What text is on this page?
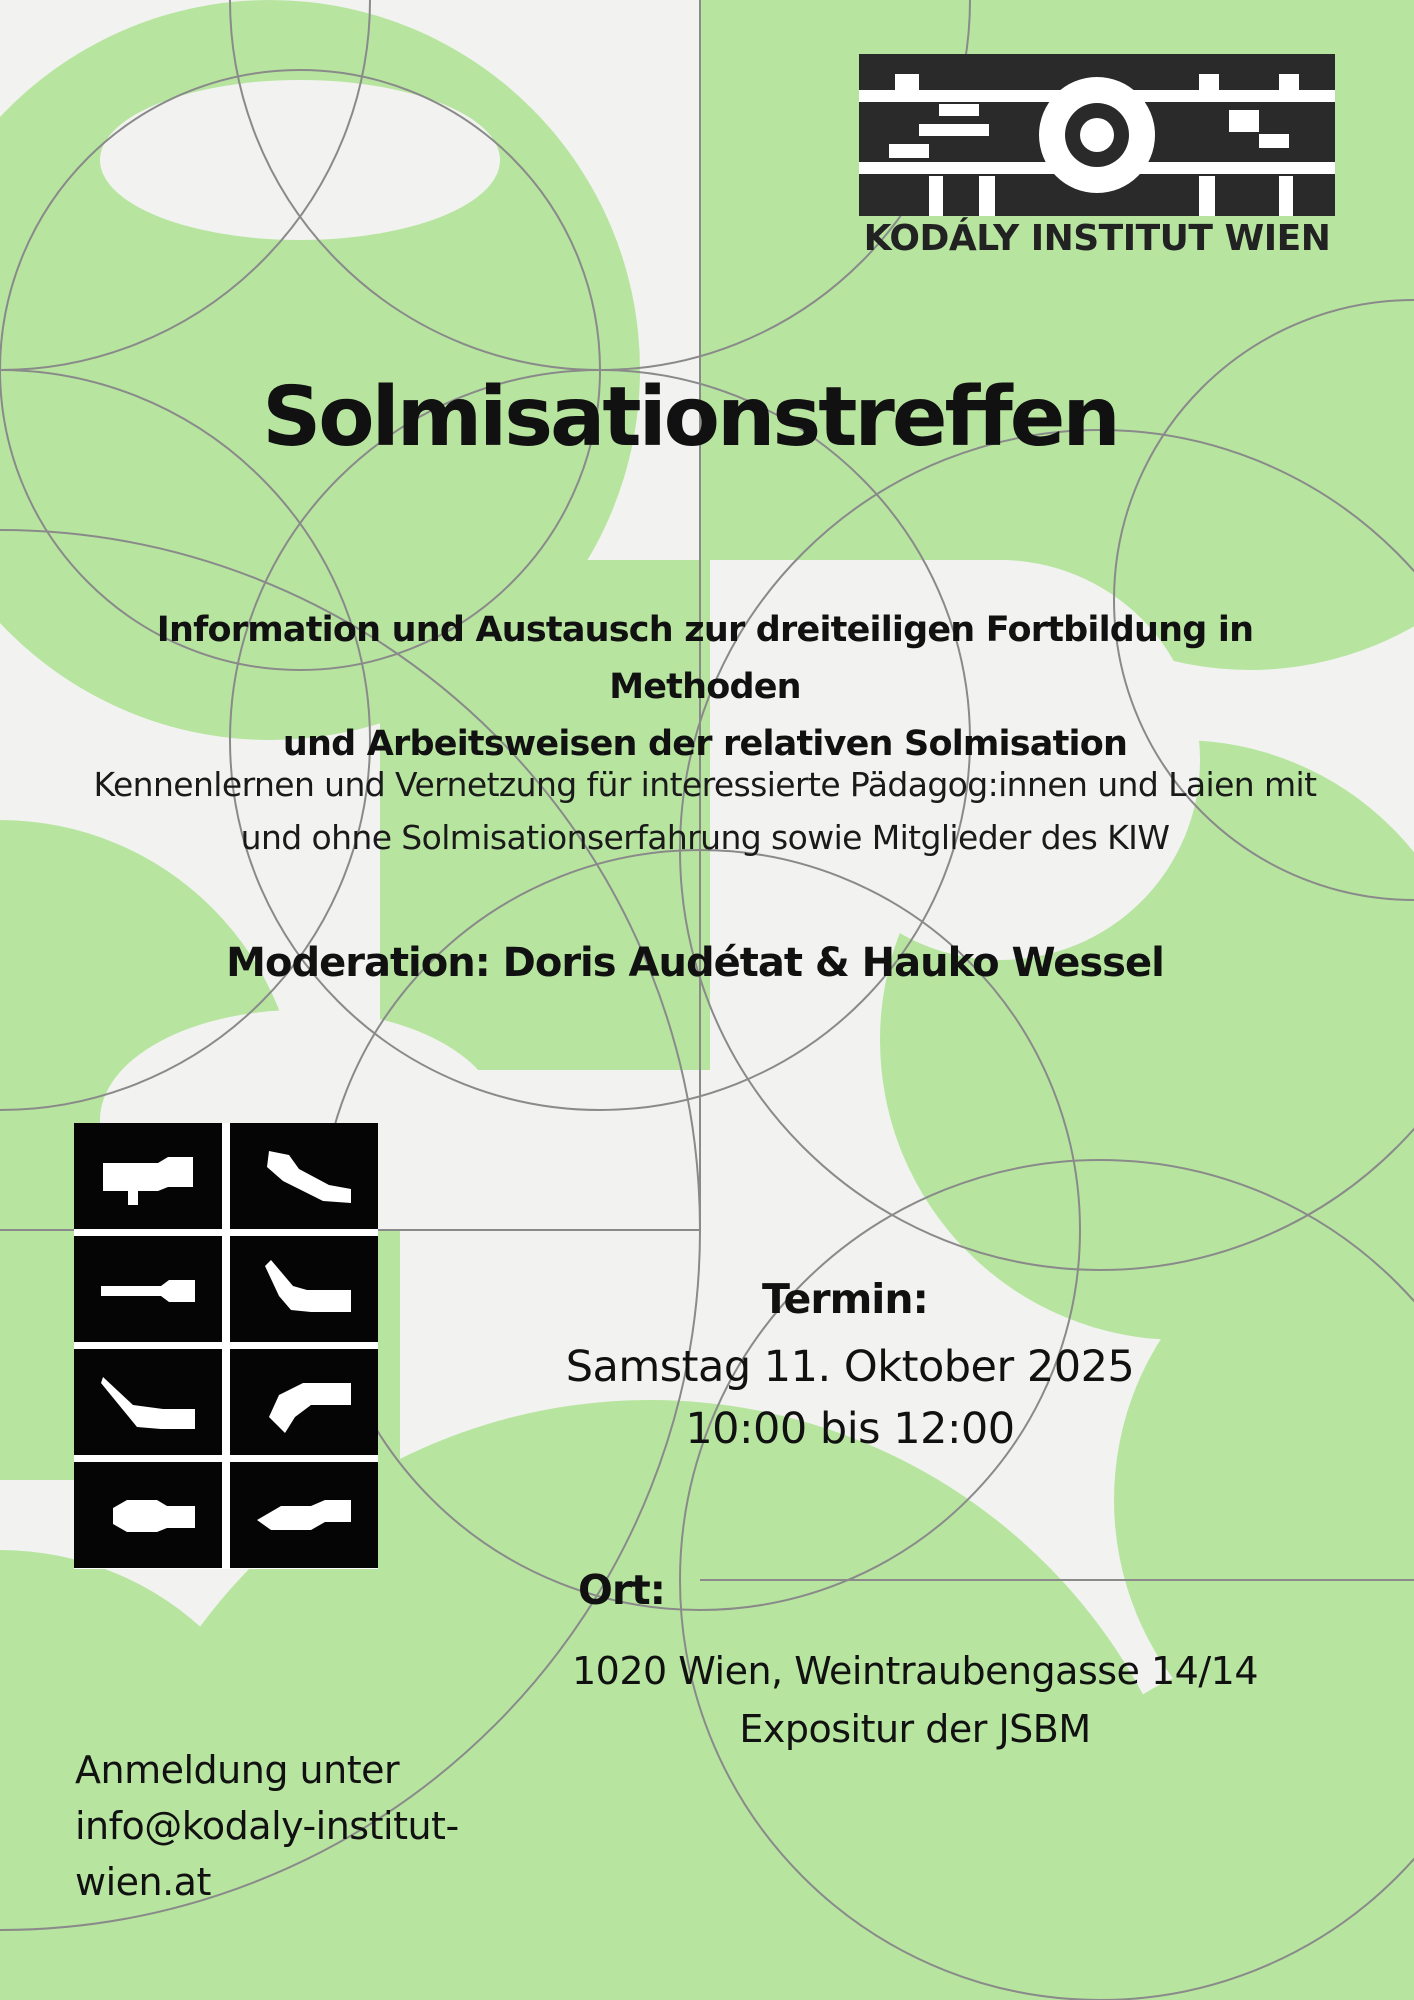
KODÁLY INSTITUT WIEN
Solmisationstreffen
Information und Austausch zur dreiteiligen Fortbildung in Methoden
und Arbeitsweisen der relativen Solmisation
Kennenlernen und Vernetzung für interessierte Pädagog:innen und Laien mit
und ohne Solmisationserfahrung sowie Mitglieder des KIW
Moderation: Doris Audétat & Hauko Wessel
Termin:
Samstag 11. Oktober 2025
10:00 bis 12:00
Ort:
1020 Wien, Weintraubengasse 14/14
Expositur der JSBM
Anmeldung unter
info@kodaly-institut-
wien.at
